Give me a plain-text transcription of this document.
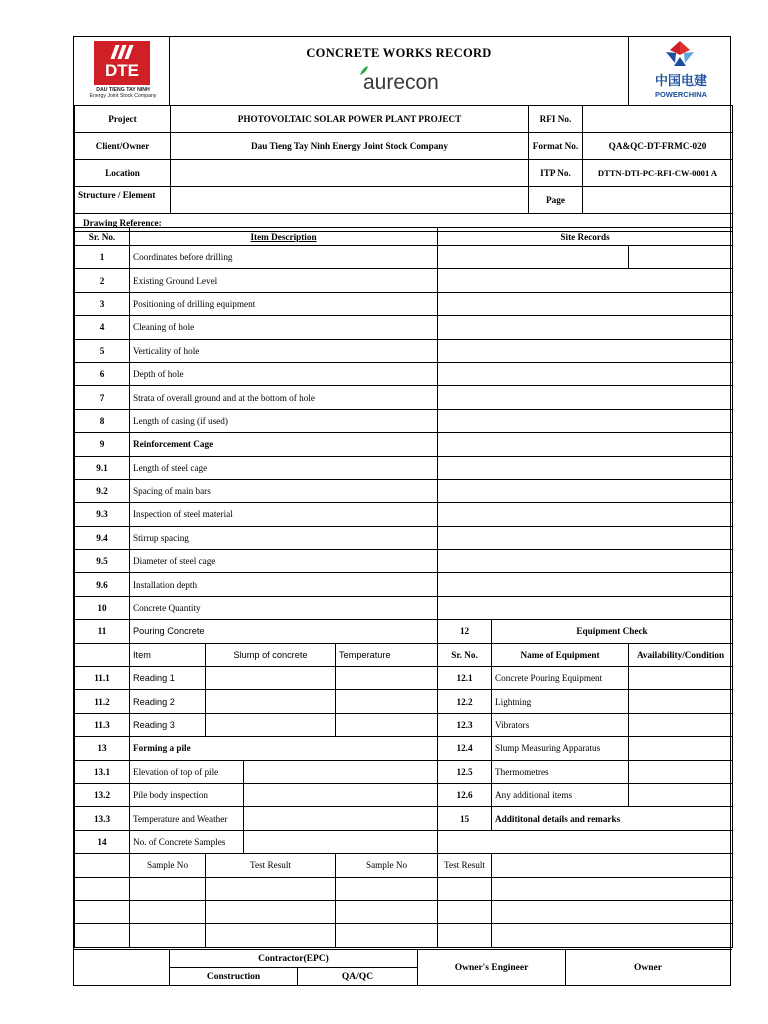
DTE
DAU TIENG TAY NINH
Energy Joint Stock Company
CONCRETE WORKS RECORD
aurecon	中国电建
POWERCHINA
Project	PHOTOVOLTAIC SOLAR POWER PLANT PROJECT	RFI No.	
Client/Owner	Dau Tieng Tay Ninh Energy Joint Stock Company	Format No.	QA&QC-DT-FRMC-020
Location		ITP No.	DTTN-DTI-PC-RFI-CW-0001 A
Structure / Element		Page	
Drawing Reference:			
Sr. No.	Item Description				Site Records		
1	Coordinates before drilling						
2	Existing Ground Level						
3	Positioning of drilling equipment						
4	Cleaning of hole						
5	Verticality of hole						
6	Depth of hole						
7	Strata of overall ground and at the bottom of hole						
8	Length of casing (if used)						
9	Reinforcement Cage						
9.1	Length of steel cage						
9.2	Spacing of main bars						
9.3	Inspection of steel material						
9.4	Stirrup spacing						
9.5	Diameter of steel cage						
9.6	Installation depth						
10	Concrete Quantity						
11	Pouring Concrete				12	Equipment Check	
	Item	Slump of concrete		Temperature	Sr. No.	Name of Equipment	Availability/Condition
11.1	Reading 1				12.1	Concrete Pouring Equipment	
11.2	Reading 2				12.2	Lightning	
11.3	Reading 3				12.3	Vibrators	
13	Forming a pile				12.4	Slump Measuring Apparatus	
13.1	Elevation of top of pile				12.5	Thermometres	
13.2	Pile body inspection				12.6	Any additional items	
13.3	Temperature and Weather				15	Addititonal details and remarks	
14	No. of Concrete Samples						
	Sample No	Test Result		Sample No	Test Result		

Contractor(EPC)
Construction	QA/QC
Owner's Engineer	Owner
